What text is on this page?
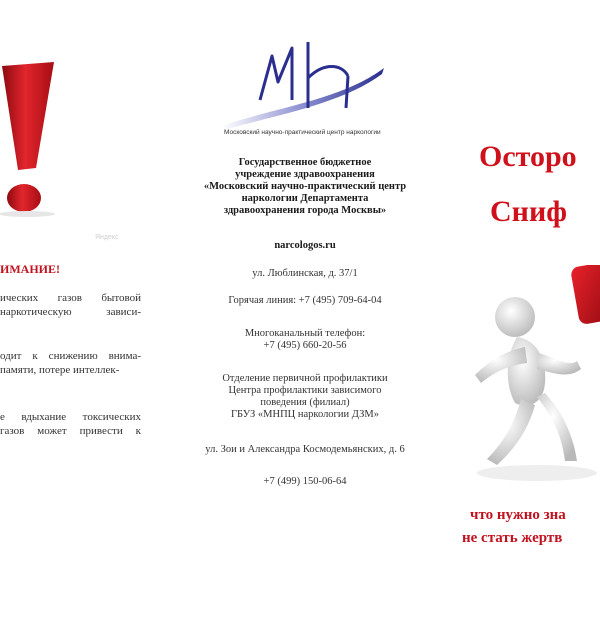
Яндекс
ИМАНИЕ!
ических газов бытовой
наркотическую зависи-
одит к снижению внима-
памяти, потере интеллек-
е вдыхание токсических
газов может привести к
Московский научно-практический центр наркологии
Государственное бюджетное
учреждение здравоохранения
«Московский научно-практический центр
наркологии Департамента
здравоохранения города Москвы»
narcologos.ru
ул. Люблинская, д. 37/1
Горячая линия: +7 (495) 709-64-04
Многоканальный телефон:
+7 (495) 660-20-56
Отделение первичной профилактики
Центра профилактики зависимого
поведения (филиал)
ГБУЗ «МНПЦ наркологии ДЗМ»
ул. Зои и Александра Космодемьянских, д. 6
+7 (499) 150-06-64
Осторо
Сниф
что нужно зна
не стать жертв
